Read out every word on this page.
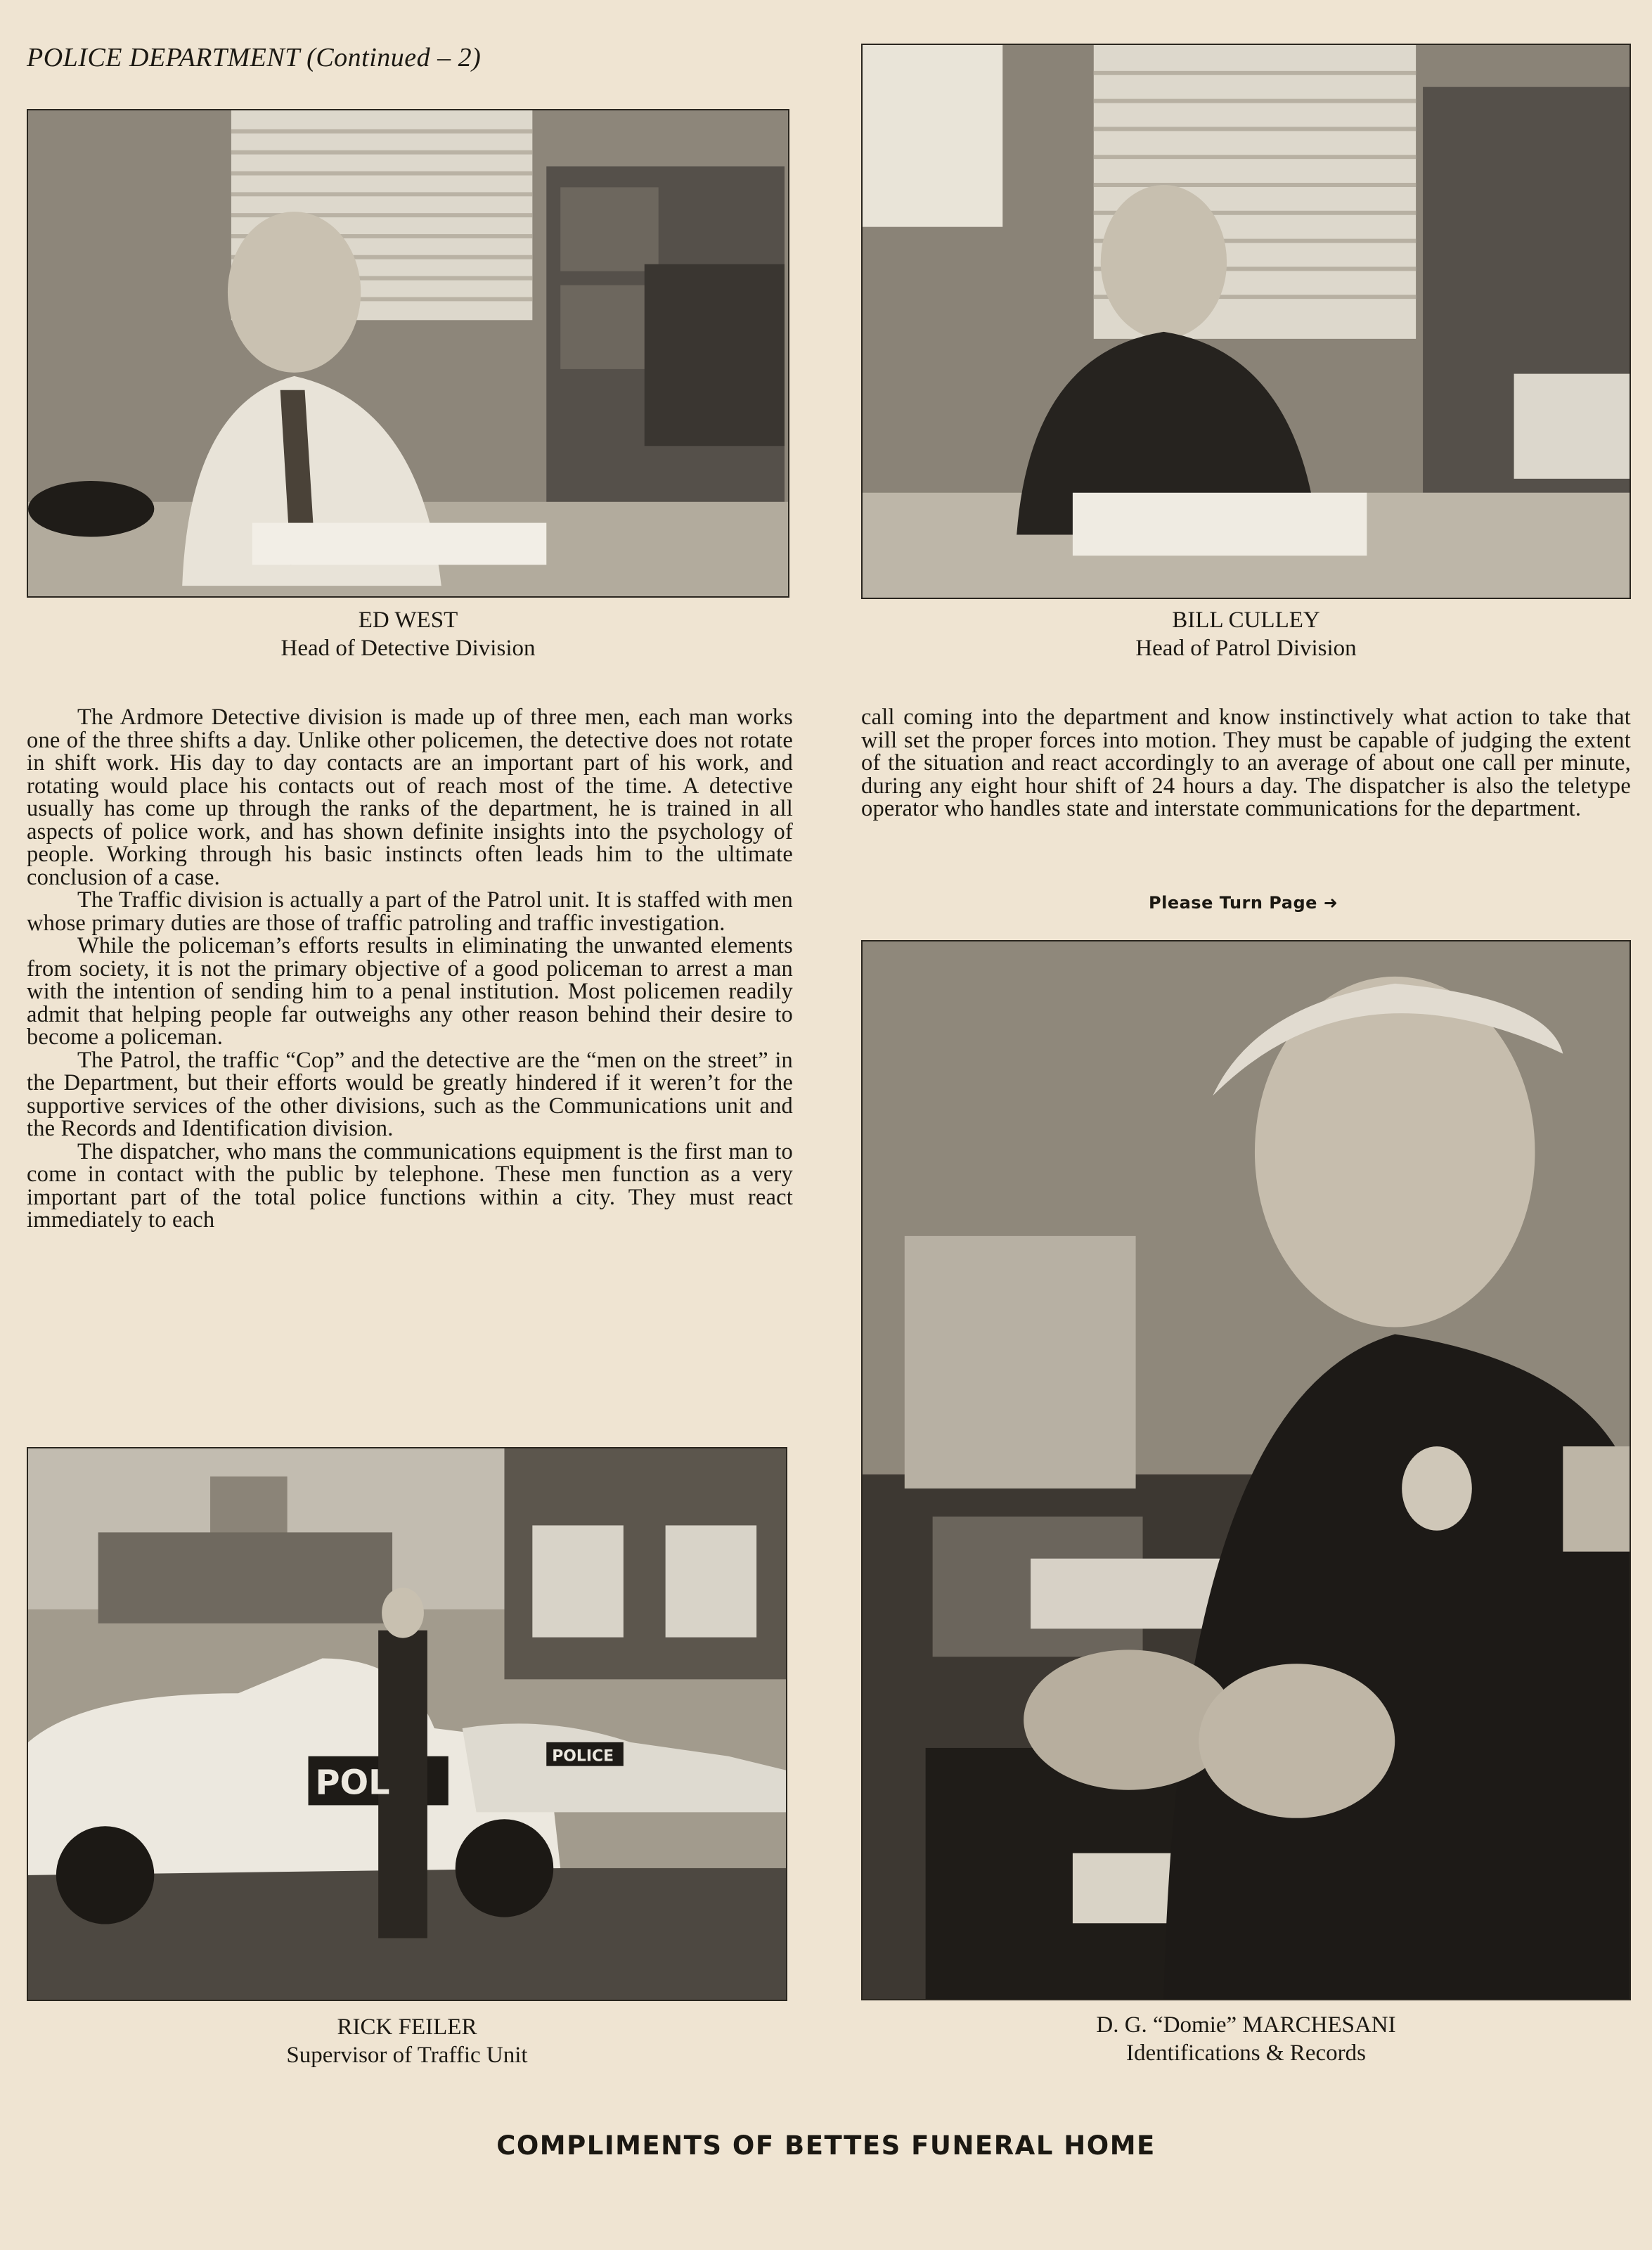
POLICE DEPARTMENT (Continued – 2)
ED WEST
Head of Detective Division
BILL CULLEY
Head of Patrol Division

The Ardmore Detective division is made up of three men, each man works one of the three shifts a day. Unlike other policemen, the detective does not rotate in shift work. His day to day contacts are an important part of his work, and rotating would place his contacts out of reach most of the time. A detective usually has come up through the ranks of the department, he is trained in all aspects of police work, and has shown definite insights into the psychology of people. Working through his basic instincts often leads him to the ultimate conclusion of a case.

The Traffic division is actually a part of the Patrol unit. It is staffed with men whose primary duties are those of traffic patroling and traffic investigation.

While the policeman’s efforts results in eliminating the unwanted elements from society, it is not the primary objective of a good policeman to arrest a man with the intention of sending him to a penal institution. Most policemen readily admit that helping people far outweighs any other reason behind their desire to become a policeman.

The Patrol, the traffic “Cop” and the detective are the “men on the street” in the Department, but their efforts would be greatly hindered if it weren’t for the supportive services of the other divisions, such as the Communications unit and the Records and Identification division.

The dispatcher, who mans the communications equipment is the first man to come in contact with the public by telephone. These men function as a very important part of the total police functions within a city. They must react immediately to each

call coming into the department and know instinctively what action to take that will set the proper forces into motion. They must be capable of judging the extent of the situation and react accordingly to an average of about one call per minute, during any eight hour shift of 24 hours a day. The dispatcher is also the teletype operator who handles state and interstate communications for the department.

Please Turn Page ➜
POL
POLICE
RICK FEILER
Supervisor of Traffic Unit
D. G. “Domie” MARCHESANI
Identifications & Records
COMPLIMENTS OF BETTES FUNERAL HOME
